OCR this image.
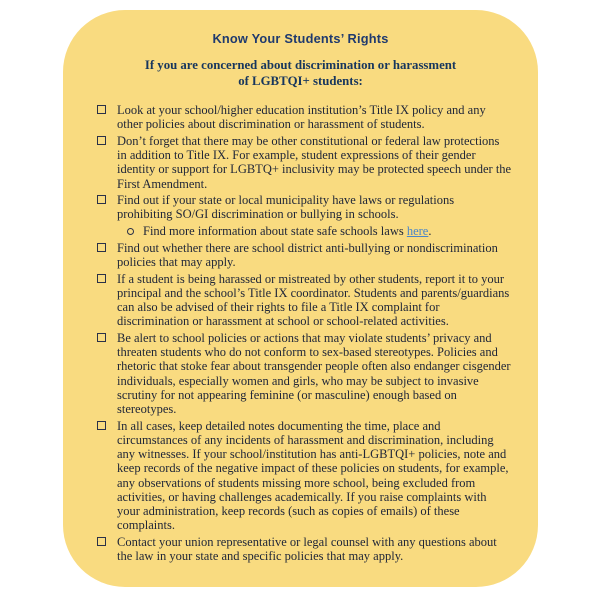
Know Your Students’ Rights
If you are concerned about discrimination or harassment
of LGBTQI+ students:
Look at your school/higher education institution’s Title IX policy and any other policies about discrimination or harassment of students.
Don’t forget that there may be other constitutional or federal law protections in addition to Title IX. For example, student expressions of their gender identity or support for LGBTQ+ inclusivity may be protected speech under the First Amendment.
Find out if your state or local municipality have laws or regulations prohibiting SO/GI discrimination or bullying in schools.
Find more information about state safe schools laws here.
Find out whether there are school district anti-bullying or nondiscrimination policies that may apply.
If a student is being harassed or mistreated by other students, report it to your principal and the school’s Title IX coordinator. Students and parents/guardians can also be advised of their rights to file a Title IX complaint for discrimination or harassment at school or school-related activities.
Be alert to school policies or actions that may violate students’ privacy and threaten students who do not conform to sex-based stereotypes. Policies and rhetoric that stoke fear about transgender people often also endanger cisgender individuals, especially women and girls, who may be subject to invasive scrutiny for not appearing feminine (or masculine) enough based on stereotypes.
In all cases, keep detailed notes documenting the time, place and circumstances of any incidents of harassment and discrimination, including any witnesses. If your school/institution has anti-LGBTQI+ policies, note and keep records of the negative impact of these policies on students, for example, any observations of students missing more school, being excluded from activities, or having challenges academically. If you raise complaints with your administration, keep records (such as copies of emails) of these complaints.
Contact your union representative or legal counsel with any questions about the law in your state and specific policies that may apply.
